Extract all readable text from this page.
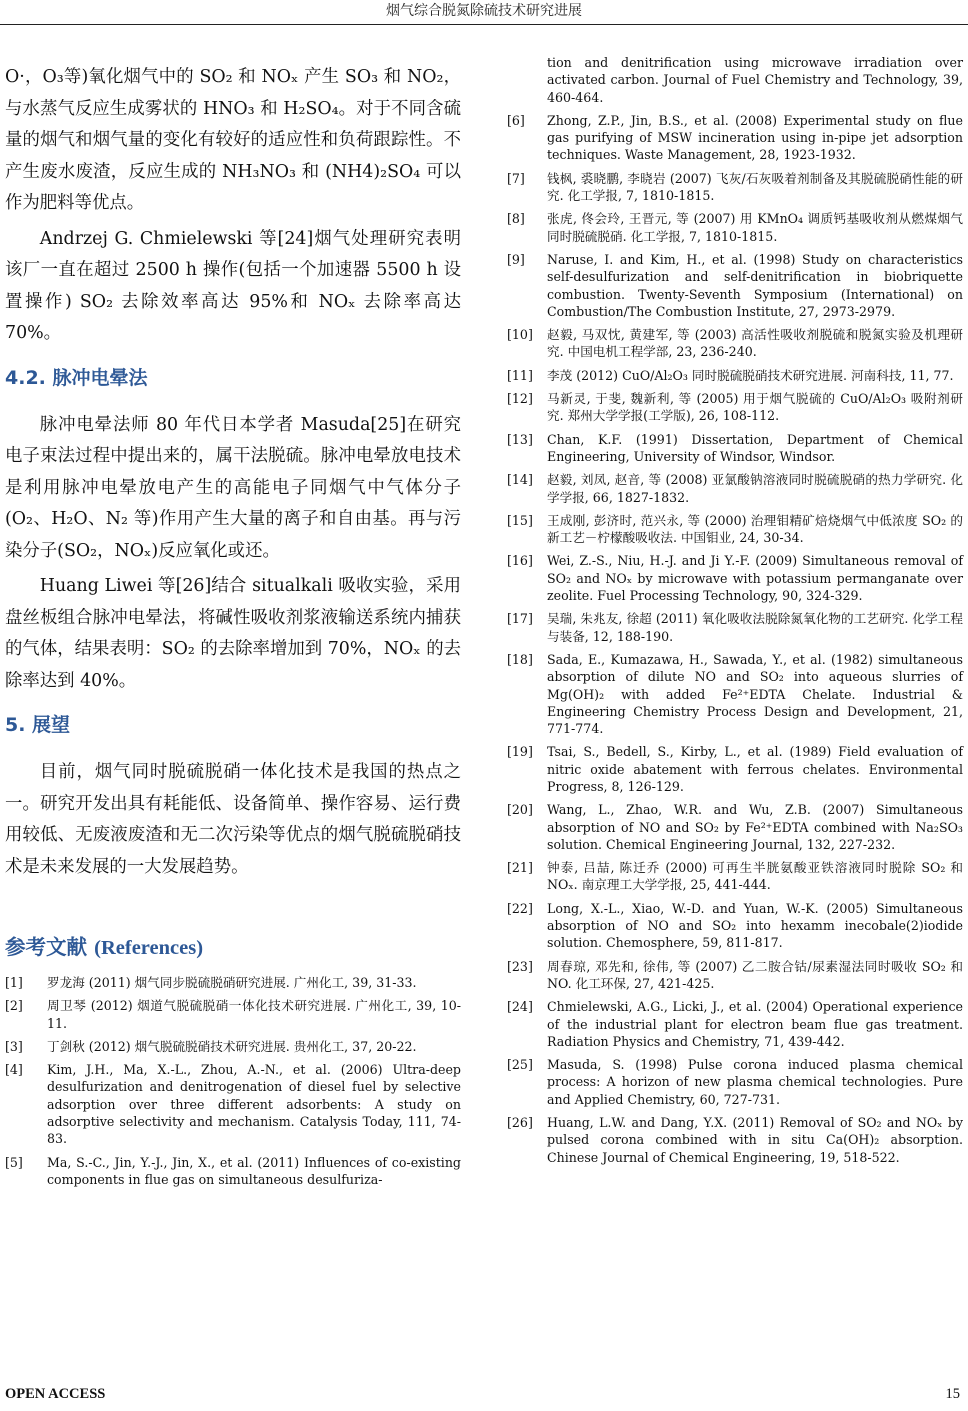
烟气综合脱氮除硫技术研究进展

O·，O₃等)氧化烟气中的 SO₂ 和 NOₓ 产生 SO₃ 和 NO₂，与水蒸气反应生成雾状的 HNO₃ 和 H₂SO₄。对于不同含硫量的烟气和烟气量的变化有较好的适应性和负荷跟踪性。不产生废水废渣，反应生成的 NH₃NO₃ 和 (NH4)₂SO₄ 可以作为肥料等优点。

Andrzej G. Chmielewski 等[24]烟气处理研究表明该厂一直在超过 2500 h 操作(包括一个加速器 5500 h 设置操作) SO₂ 去除效率高达 95%和 NOₓ 去除率高达 70%。

4.2. 脉冲电晕法

脉冲电晕法师 80 年代日本学者 Masuda[25]在研究电子束法过程中提出来的，属干法脱硫。脉冲电晕放电技术是利用脉冲电晕放电产生的高能电子同烟气中气体分子(O₂、H₂O、N₂ 等)作用产生大量的离子和自由基。再与污染分子(SO₂，NOₓ)反应氧化或还。

Huang Liwei 等[26]结合 situalkali 吸收实验，采用盘丝板组合脉冲电晕法，将碱性吸收剂浆液输送系统内捕获的气体，结果表明：SO₂ 的去除率增加到 70%，NOₓ 的去除率达到 40%。

5. 展望

目前，烟气同时脱硫脱硝一体化技术是我国的热点之一。研究开发出具有耗能低、设备简单、操作容易、运行费用较低、无废液废渣和无二次污染等优点的烟气脱硫脱硝技术是未来发展的一大发展趋势。

参考文献 (References)
[1]	罗龙海 (2011) 烟气同步脱硫脱硝研究进展. 广州化工, 39, 31-33.
[2]	周卫琴 (2012) 烟道气脱硫脱硝一体化技术研究进展. 广州化工, 39, 10-11.
[3]	丁剑秋 (2012) 烟气脱硫脱硝技术研究进展. 贵州化工, 37, 20-22.
[4]	Kim, J.H., Ma, X.-L., Zhou, A.-N., et al. (2006) Ultra-deep desulfurization and denitrogenation of diesel fuel by selective adsorption over three different adsorbents: A study on adsorptive selectivity and mechanism. Catalysis Today, 111, 74-83.
[5]	Ma, S.-C., Jin, Y.-J., Jin, X., et al. (2011) Influences of co-existing components in flue gas on simultaneous desulfuriza-
tion and denitrification using microwave irradiation over activated carbon. Journal of Fuel Chemistry and Technology, 39, 460-464.
[6]	Zhong, Z.P., Jin, B.S., et al. (2008) Experimental study on flue gas purifying of MSW incineration using in-pipe jet adsorption techniques. Waste Management, 28, 1923-1932.
[7]	钱枫, 裘晓鹏, 李晓岩 (2007) 飞灰/石灰吸着剂制备及其脱硫脱硝性能的研究. 化工学报, 7, 1810-1815.
[8]	张虎, 佟会玲, 王晋元, 等 (2007) 用 KMnO₄ 调质钙基吸收剂从燃煤烟气同时脱硫脱硝. 化工学报, 7, 1810-1815.
[9]	Naruse, I. and Kim, H., et al. (1998) Study on characteristics self-desulfurization and self-denitrification in biobriquette combustion. Twenty-Seventh Symposium (International) on Combustion/The Combustion Institute, 27, 2973-2979.
[10]	赵毅, 马双忱, 黄建军, 等 (2003) 高活性吸收剂脱硫和脱氮实验及机理研究. 中国电机工程学部, 23, 236-240.
[11]	李茂 (2012) CuO/Al₂O₃ 同时脱硫脱硝技术研究进展. 河南科技, 11, 77.
[12]	马新灵, 于斐, 魏新利, 等 (2005) 用于烟气脱硫的 CuO/Al₂O₃ 吸附剂研究. 郑州大学学报(工学版), 26, 108-112.
[13]	Chan, K.F. (1991) Dissertation, Department of Chemical Engineering, University of Windsor, Windsor.
[14]	赵毅, 刘凤, 赵音, 等 (2008) 亚氯酸钠溶液同时脱硫脱硝的热力学研究. 化学学报, 66, 1827-1832.
[15]	王成刚, 彭济时, 范兴永, 等 (2000) 治理钼精矿焙烧烟气中低浓度 SO₂ 的新工艺－柠檬酸吸收法. 中国钼业, 24, 30-34.
[16]	Wei, Z.-S., Niu, H.-J. and Ji Y.-F. (2009) Simultaneous removal of SO₂ and NOₓ by microwave with potassium permanganate over zeolite. Fuel Processing Technology, 90, 324-329.
[17]	吴瑞, 朱兆友, 徐超 (2011) 氧化吸收法脱除氮氧化物的工艺研究. 化学工程与装备, 12, 188-190.
[18]	Sada, E., Kumazawa, H., Sawada, Y., et al. (1982) simultaneous absorption of dilute NO and SO₂ into aqueous slurries of Mg(OH)₂ with added Fe²⁺EDTA Chelate. Industrial & Engineering Chemistry Process Design and Development, 21, 771-774.
[19]	Tsai, S., Bedell, S., Kirby, L., et al. (1989) Field evaluation of nitric oxide abatement with ferrous chelates. Environmental Progress, 8, 126-129.
[20]	Wang, L., Zhao, W.R. and Wu, Z.B. (2007) Simultaneous absorption of NO and SO₂ by Fe²⁺EDTA combined with Na₂SO₃ solution. Chemical Engineering Journal, 132, 227-232.
[21]	钟泰, 吕喆, 陈迁乔 (2000) 可再生半胱氨酸亚铁溶液同时脱除 SO₂ 和 NOₓ. 南京理工大学学报, 25, 441-444.
[22]	Long, X.-L., Xiao, W.-D. and Yuan, W.-K. (2005) Simultaneous absorption of NO and SO₂ into hexamm inecobale(2)iodide solution. Chemosphere, 59, 811-817.
[23]	周春琼, 邓先和, 徐伟, 等 (2007) 乙二胺合钴/尿素湿法同时吸收 SO₂ 和 NO. 化工环保, 27, 421-425.
[24]	Chmielewski, A.G., Licki, J., et al. (2004) Operational experience of the industrial plant for electron beam flue gas treatment. Radiation Physics and Chemistry, 71, 439-442.
[25]	Masuda, S. (1998) Pulse corona induced plasma chemical process: A horizon of new plasma chemical technologies. Pure and Applied Chemistry, 60, 727-731.
[26]	Huang, L.W. and Dang, Y.X. (2011) Removal of SO₂ and NOₓ by pulsed corona combined with in situ Ca(OH)₂ absorption. Chinese Journal of Chemical Engineering, 19, 518-522.
OPEN ACCESS	15
